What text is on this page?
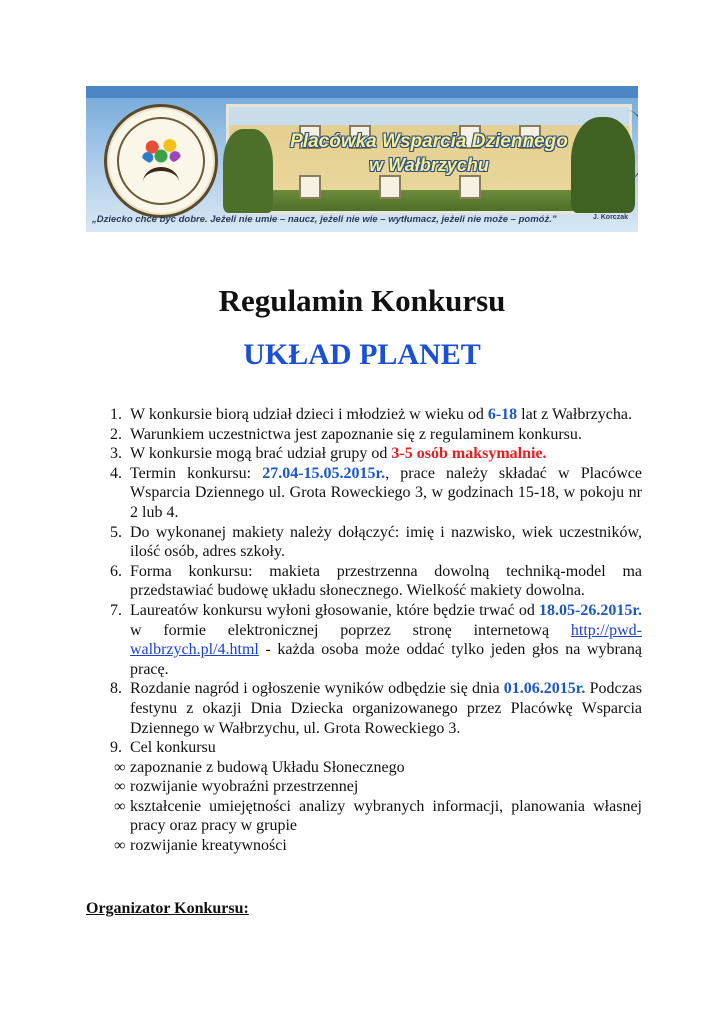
Placówka Wsparcia Dziennego
w Wałbrzychu
„Dziecko chce być dobre. Jeżeli nie umie – naucz, jeżeli nie wie – wytłumacz, jeżeli nie może – pomóż.”	J. Korczak
Regulamin Konkursu
UKŁAD PLANET
1. W konkursie biorą udział dzieci i młodzież w wieku od 6-18 lat z Wałbrzycha.
2. Warunkiem uczestnictwa jest zapoznanie się z regulaminem konkursu.
3. W konkursie mogą brać udział grupy od 3-5 osób maksymalnie.
4. Termin konkursu: 27.04-15.05.2015r., prace należy składać w Placówce Wsparcia Dziennego ul. Grota Roweckiego 3, w godzinach 15-18, w pokoju nr 2 lub 4.
5. Do wykonanej makiety należy dołączyć: imię i nazwisko, wiek uczestników, ilość osób, adres szkoły.
6. Forma konkursu: makieta przestrzenna dowolną techniką-model ma przedstawiać budowę układu słonecznego. Wielkość makiety dowolna.
7. Laureatów konkursu wyłoni głosowanie, które będzie trwać od 18.05-26.2015r. w formie elektronicznej poprzez stronę internetową http://pwd-walbrzych.pl/4.html - każda osoba może oddać tylko jeden głos na wybraną pracę.
8. Rozdanie nagród i ogłoszenie wyników odbędzie się dnia 01.06.2015r. Podczas festynu z okazji Dnia Dziecka organizowanego przez Placówkę Wsparcia Dziennego w Wałbrzychu, ul. Grota Roweckiego 3.
9. Cel konkursu
∞ zapoznanie z budową Układu Słonecznego
∞ rozwijanie wyobraźni przestrzennej
∞ kształcenie umiejętności analizy wybranych informacji, planowania własnej pracy oraz pracy w grupie
∞ rozwijanie kreatywności

Organizator Konkursu:
